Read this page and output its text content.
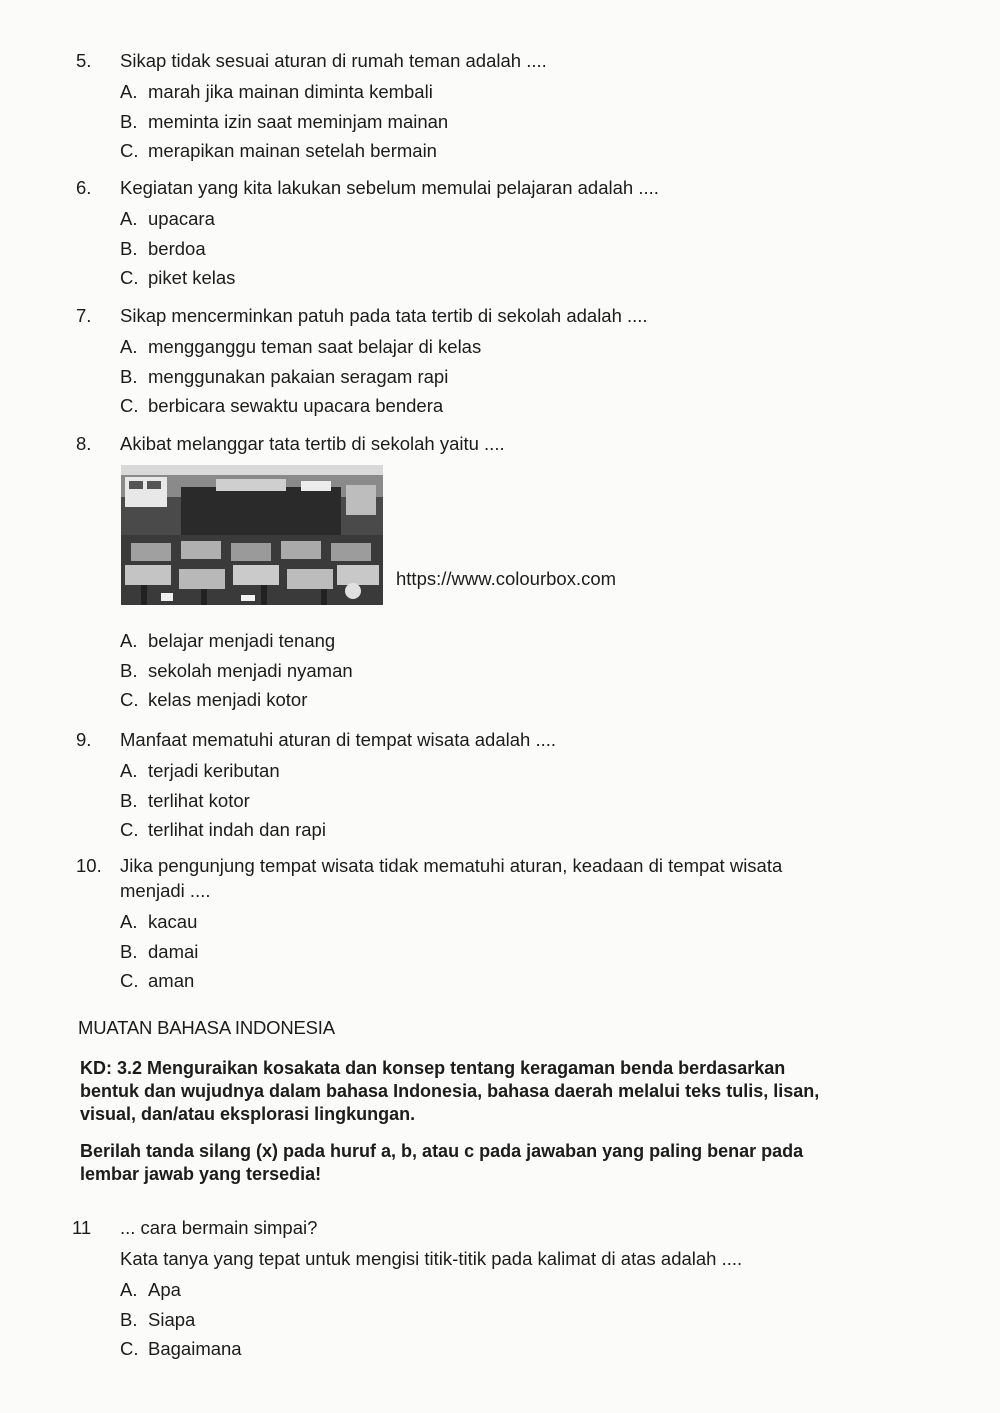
5.	Sikap tidak sesuai aturan di rumah teman adalah ....
A. marah jika mainan diminta kembali
B. meminta izin saat meminjam mainan
C. merapikan mainan setelah bermain
6.	Kegiatan yang kita lakukan sebelum memulai pelajaran adalah ....
A. upacara
B. berdoa
C. piket kelas
7.	Sikap mencerminkan patuh pada tata tertib di sekolah adalah ....
A. mengganggu teman saat belajar di kelas
B. menggunakan pakaian seragam rapi
C. berbicara sewaktu upacara bendera
8.	Akibat melanggar tata tertib di sekolah yaitu ....
https://www.colourbox.com
A. belajar menjadi tenang
B. sekolah menjadi nyaman
C. kelas menjadi kotor
9.	Manfaat mematuhi aturan di tempat wisata adalah ....
A. terjadi keributan
B. terlihat kotor
C. terlihat indah dan rapi
10. Jika pengunjung tempat wisata tidak mematuhi aturan, keadaan di tempat wisata menjadi ....
A. kacau
B. damai
C. aman
MUATAN BAHASA INDONESIA
KD: 3.2 Menguraikan kosakata dan konsep tentang keragaman benda berdasarkan bentuk dan wujudnya dalam bahasa Indonesia, bahasa daerah melalui teks tulis, lisan, visual, dan/atau eksplorasi lingkungan.
Berilah tanda silang (x) pada huruf a, b, atau c pada jawaban yang paling benar pada lembar jawab yang tersedia!
11	... cara bermain simpai?
Kata tanya yang tepat untuk mengisi titik-titik pada kalimat di atas adalah ....
A. Apa
B. Siapa
C. Bagaimana
